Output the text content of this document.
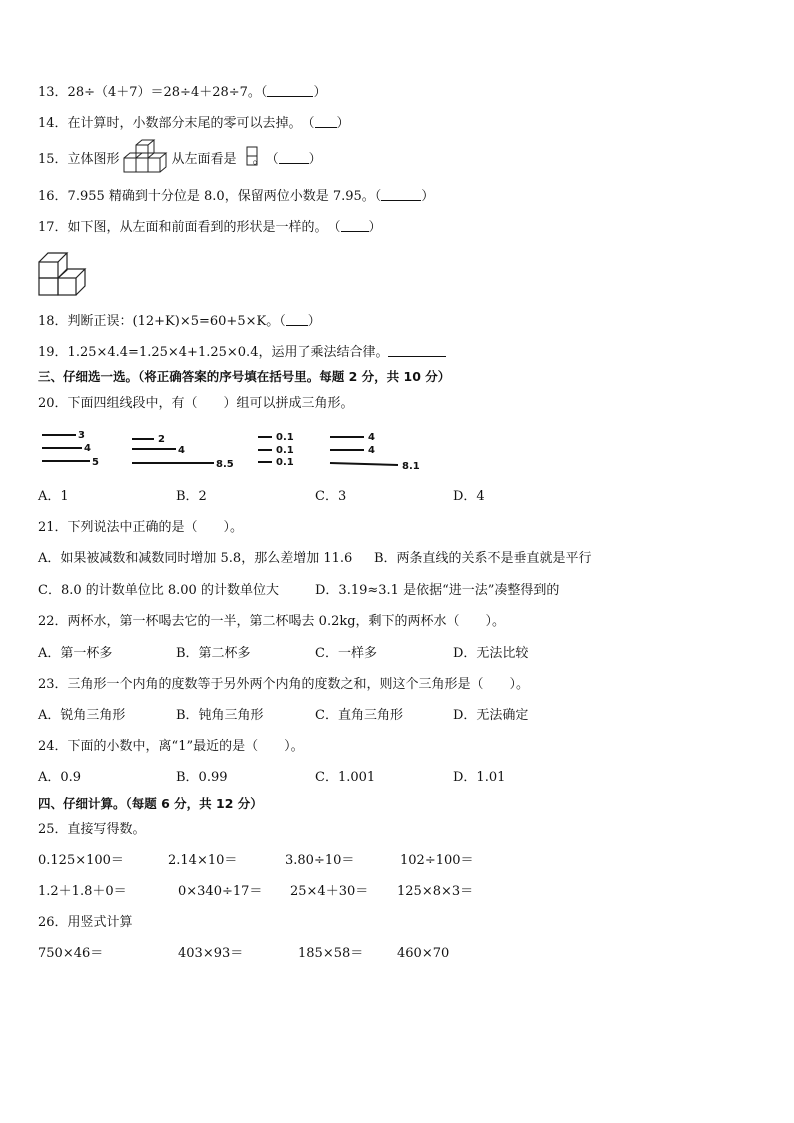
13．28÷（4＋7）＝28÷4＋28÷7。（	）
14．在计算时，小数部分末尾的零可以去掉。　（ ）
15．立体图形	从左面看是 。　（ ）
16．7.955 精确到十分位是 8.0，保留两位小数是 7.95。（	）
17．如下图，从左面和前面看到的形状是一样的。　（ ）
18．判断正误：(12+K)×5=60+5×K。（ ）
19．1.25×4.4=1.25×4+1.25×0.4，运用了乘法结合律。
三、仔细选一选。（将正确答案的序号填在括号里。每题 2 分，共 10 分）
20．下面四组线段中，有（　　）组可以拼成三角形。
3
4
5
2
4
8.5
0.1
0.1
0.1
4
4
8.1
A．1	B．2	C．3	D．4
21．下列说法中正确的是（　　）。
A．如果被减数和减数同时增加 5.8，那么差增加 11.6 B．两条直线的关系不是垂直就是平行
C．8.0 的计数单位比 8.00 的计数单位大	D．3.19≈3.1 是依据“进一法”凑整得到的
22．两杯水，第一杯喝去它的一半，第二杯喝去 0.2kg，剩下的两杯水（　　）。
A．第一杯多	B．第二杯多	C．一样多	D．无法比较
23．三角形一个内角的度数等于另外两个内角的度数之和，则这个三角形是（　　）。
A．锐角三角形	B．钝角三角形	C．直角三角形	D．无法确定
24．下面的小数中，离“1”最近的是（　　）。
A．0.9	B．0.99	C．1.001	D．1.01
四、仔细计算。（每题 6 分，共 12 分）
25．直接写得数。
0.125×100＝	2.14×10＝	3.80÷10＝	102÷100＝
1.2＋1.8＋0＝	0×340÷17＝ 25×4＋30＝ 125×8×3＝
26．用竖式计算
750×46＝	403×93＝	185×58＝	460×70
